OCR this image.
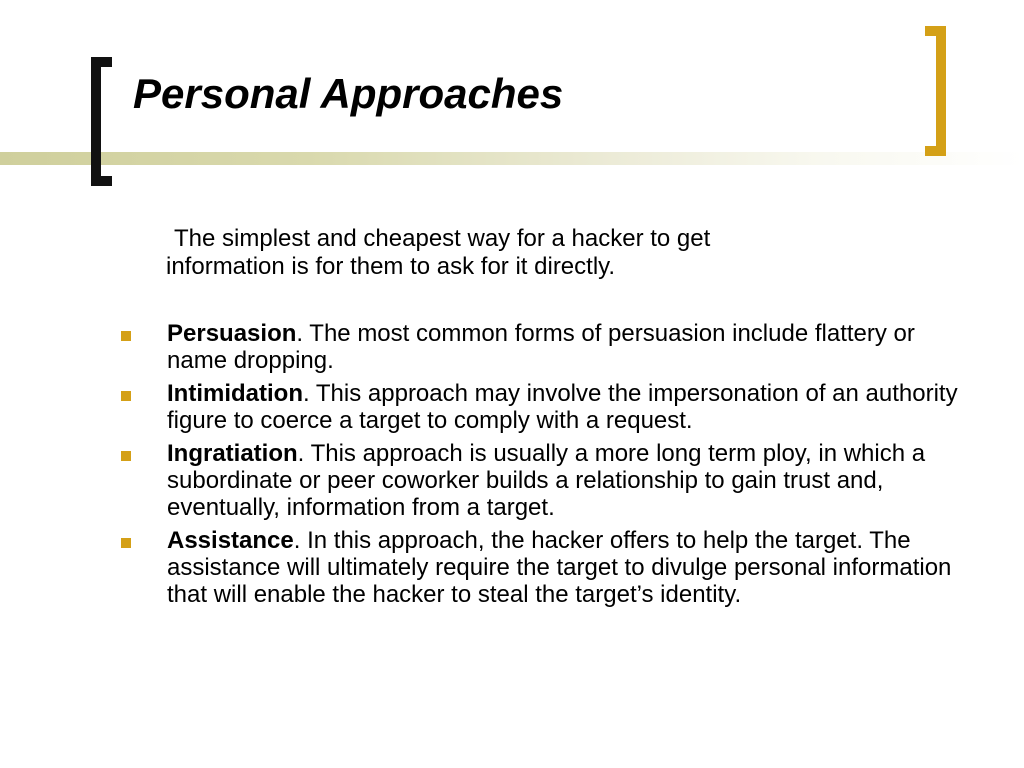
Personal Approaches

The simplest and cheapest way for a hacker to get information is for them to ask for it directly.

Persuasion. The most common forms of persuasion include flattery or name dropping.
Intimidation. This approach may involve the impersonation of an authority figure to coerce a target to comply with a request.
Ingratiation. This approach is usually a more long term ploy, in which a subordinate or peer coworker builds a relationship to gain trust and, eventually, information from a target.
Assistance. In this approach, the hacker offers to help the target. The assistance will ultimately require the target to divulge personal information that will enable the hacker to steal the target’s identity.
